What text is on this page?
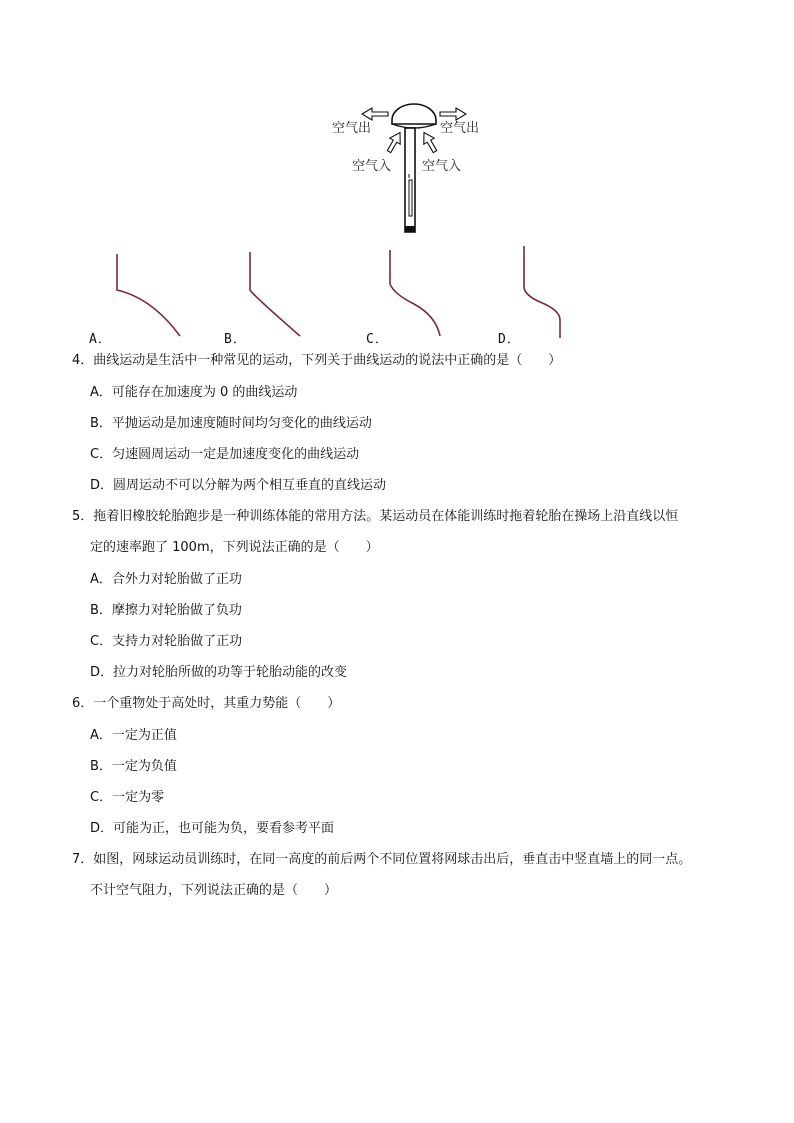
空气出	空气出
空气入 空气入
A．	B．	C．	D．
4．曲线运动是生活中一种常见的运动，下列关于曲线运动的说法中正确的是（　　）
A．可能存在加速度为 0 的曲线运动
B．平抛运动是加速度随时间均匀变化的曲线运动
C．匀速圆周运动一定是加速度变化的曲线运动
D．圆周运动不可以分解为两个相互垂直的直线运动
5．拖着旧橡胶轮胎跑步是一种训练体能的常用方法。某运动员在体能训练时拖着轮胎在操场上沿直线以恒
定的速率跑了 100m，下列说法正确的是（　　）
A．合外力对轮胎做了正功
B．摩擦力对轮胎做了负功
C．支持力对轮胎做了正功
D．拉力对轮胎所做的功等于轮胎动能的改变
6．一个重物处于高处时，其重力势能（　　）
A．一定为正值
B．一定为负值
C．一定为零
D．可能为正，也可能为负，要看参考平面
7．如图，网球运动员训练时，在同一高度的前后两个不同位置将网球击出后，垂直击中竖直墙上的同一点。
不计空气阻力，下列说法正确的是（　　）
